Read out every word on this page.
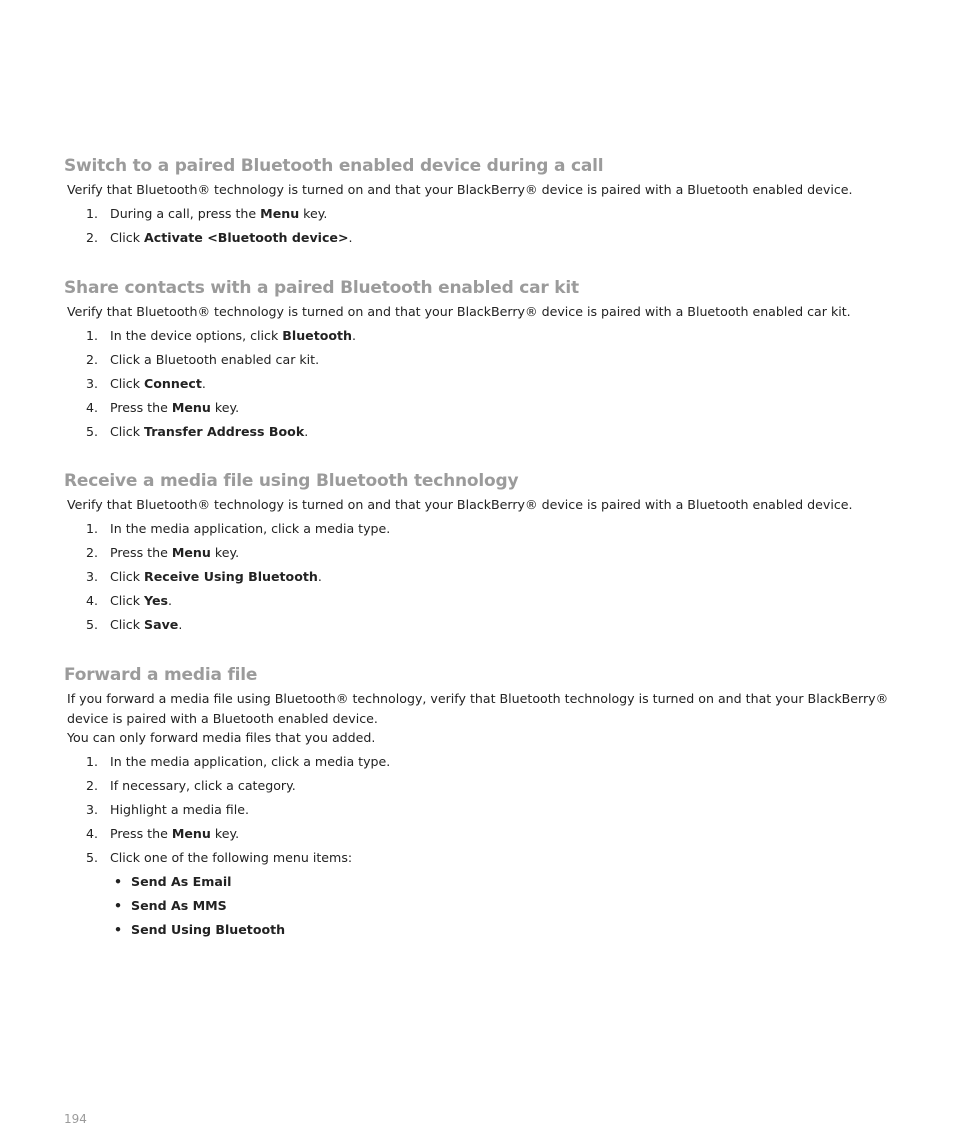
Switch to a paired Bluetooth enabled device during a call

Verify that Bluetooth® technology is turned on and that your BlackBerry® device is paired with a Bluetooth enabled device.

1. During a call, press the Menu key.
2. Click Activate <Bluetooth device>.
Share contacts with a paired Bluetooth enabled car kit

Verify that Bluetooth® technology is turned on and that your BlackBerry® device is paired with a Bluetooth enabled car kit.

1. In the device options, click Bluetooth.
2. Click a Bluetooth enabled car kit.
3. Click Connect.
4. Press the Menu key.
5. Click Transfer Address Book.
Receive a media file using Bluetooth technology

Verify that Bluetooth® technology is turned on and that your BlackBerry® device is paired with a Bluetooth enabled device.

1. In the media application, click a media type.
2. Press the Menu key.
3. Click Receive Using Bluetooth.
4. Click Yes.
5. Click Save.
Forward a media file

If you forward a media file using Bluetooth® technology, verify that Bluetooth technology is turned on and that your BlackBerry® device is paired with a Bluetooth enabled device.

You can only forward media files that you added.

1. In the media application, click a media type.
2. If necessary, click a category.
3. Highlight a media file.
4. Press the Menu key.
5. Click one of the following menu items:
• Send As Email
• Send As MMS
• Send Using Bluetooth
194
